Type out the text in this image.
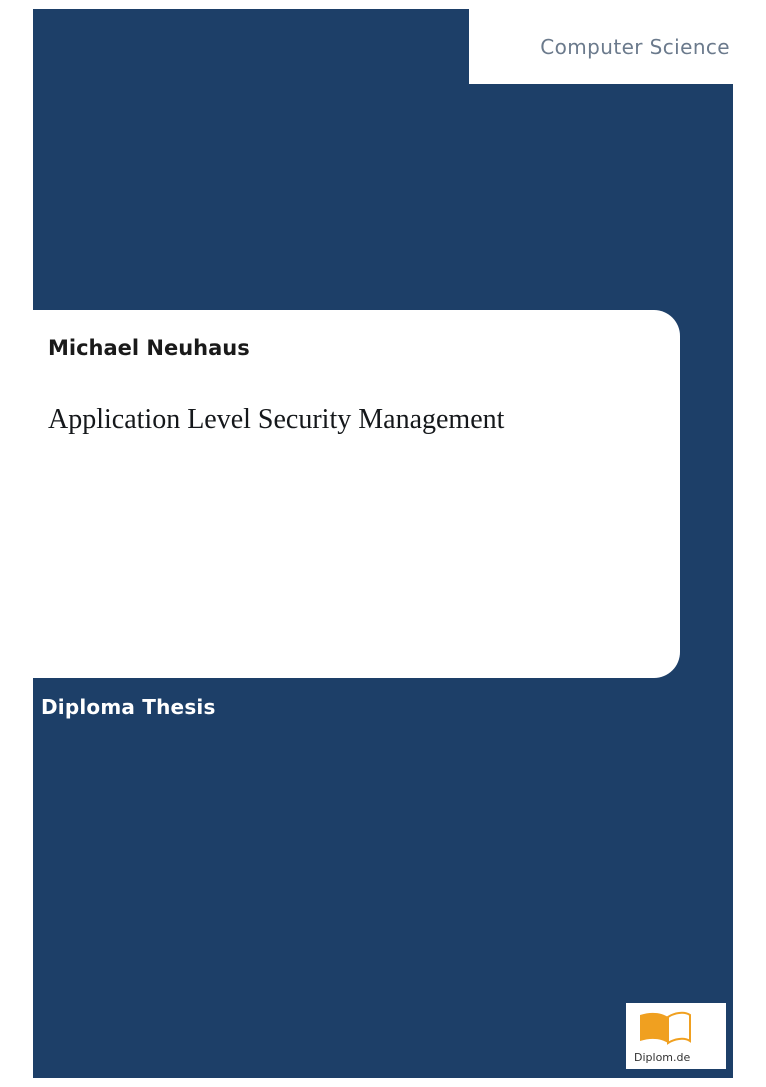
Computer Science
Michael Neuhaus
Application Level Security Management
Diploma Thesis
Diplom.de
